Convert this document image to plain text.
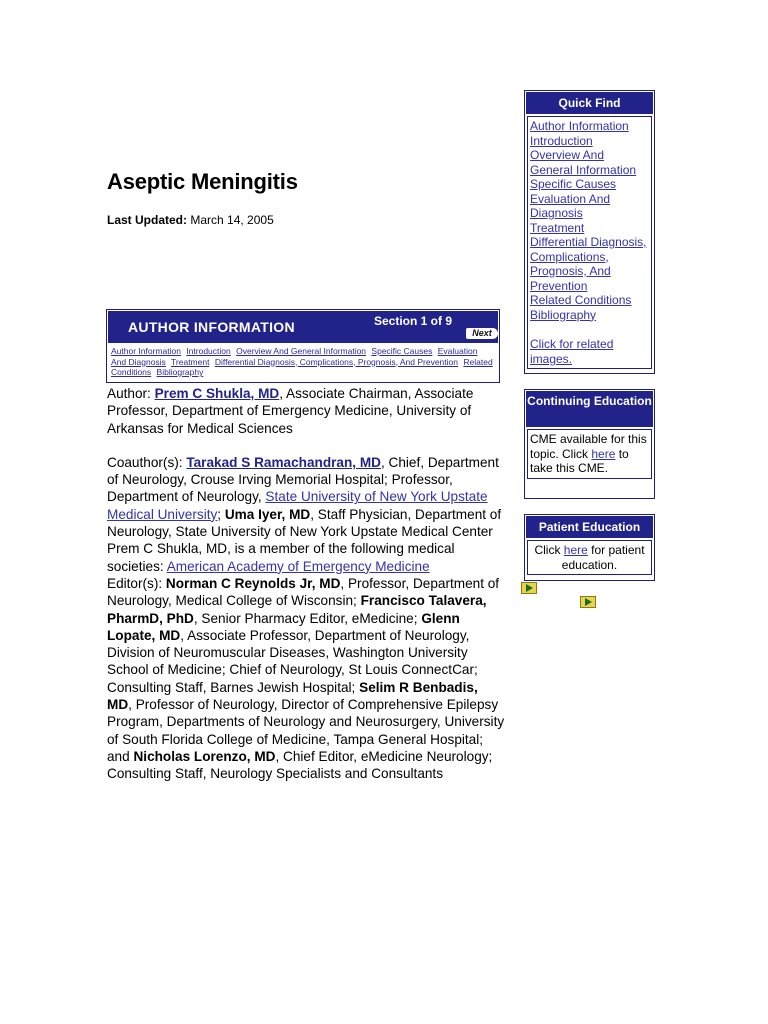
Aseptic Meningitis
Last Updated: March 14, 2005
AUTHOR INFORMATION	Section 1 of 9
Next
Author Information Introduction Overview And General Information Specific Causes Evaluation And Diagnosis Treatment Differential Diagnosis, Complications, Prognosis, And Prevention Related Conditions Bibliography

Author: Prem C Shukla, MD, Associate Chairman, Associate Professor, Department of Emergency Medicine, University of Arkansas for Medical Sciences

Coauthor(s): Tarakad S Ramachandran, MD, Chief, Department of Neurology, Crouse Irving Memorial Hospital; Professor, Department of Neurology, State University of New York Upstate Medical University; Uma Iyer, MD, Staff Physician, Department of Neurology, State University of New York Upstate Medical Center

Prem C Shukla, MD, is a member of the following medical societies: American Academy of Emergency Medicine

Editor(s): Norman C Reynolds Jr, MD, Professor, Department of Neurology, Medical College of Wisconsin; Francisco Talavera, PharmD, PhD, Senior Pharmacy Editor, eMedicine; Glenn Lopate, MD, Associate Professor, Department of Neurology, Division of Neuromuscular Diseases, Washington University School of Medicine; Chief of Neurology, St Louis ConnectCar; Consulting Staff, Barnes Jewish Hospital; Selim R Benbadis, MD, Professor of Neurology, Director of Comprehensive Epilepsy Program, Departments of Neurology and Neurosurgery, University of South Florida College of Medicine, Tampa General Hospital; and Nicholas Lorenzo, MD, Chief Editor, eMedicine Neurology; Consulting Staff, Neurology Specialists and Consultants

Quick Find
Author Information
Introduction
Overview And General Information
Specific Causes
Evaluation And Diagnosis
Treatment
Differential Diagnosis, Complications, Prognosis, And Prevention
Related Conditions
Bibliography
Click for related images.
Continuing Education
CME available for this topic. Click here to take this CME.
Patient Education
Click here for patient education.
